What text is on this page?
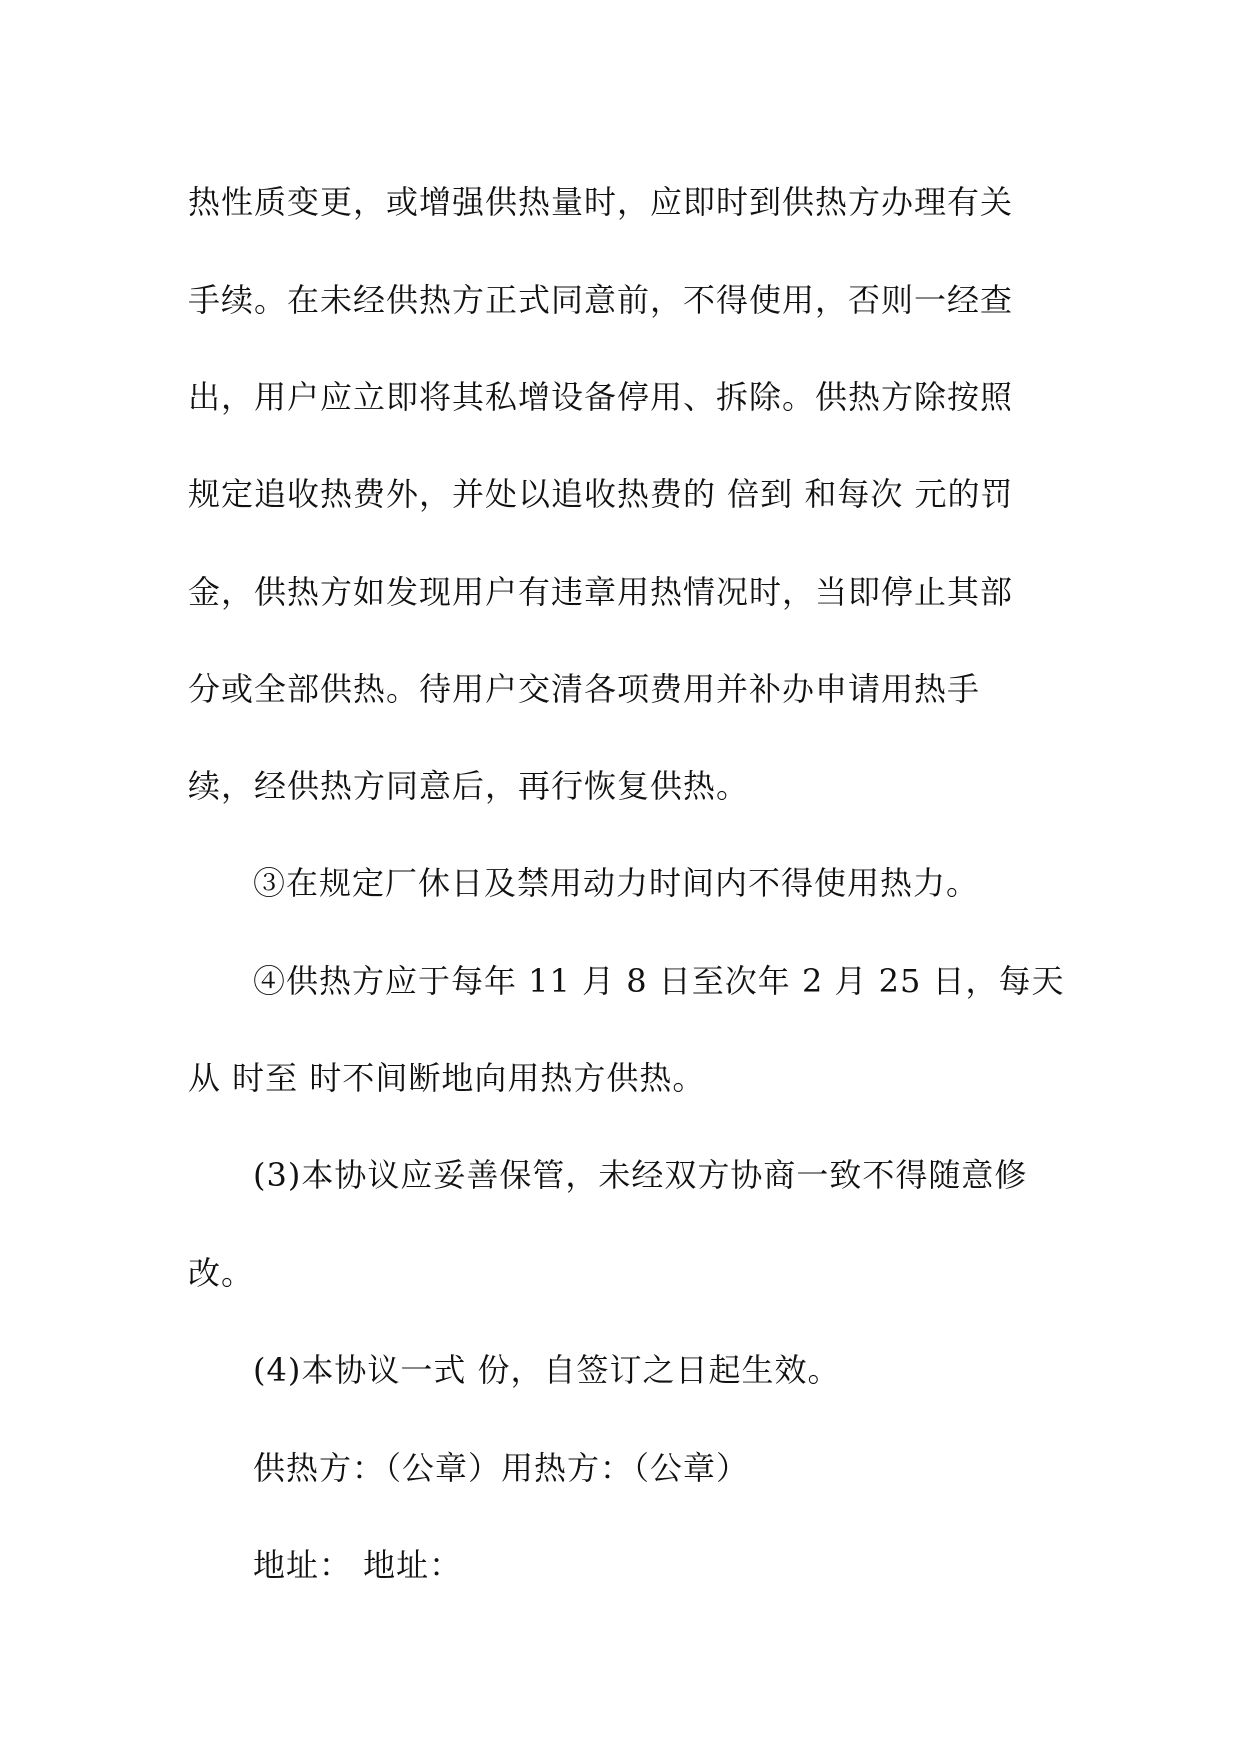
热性质变更，或增强供热量时，应即时到供热方办理有关
手续。在未经供热方正式同意前，不得使用，否则一经查
出，用户应立即将其私增设备停用、拆除。供热方除按照
规定追收热费外，并处以追收热费的 倍到 和每次 元的罚
金，供热方如发现用户有违章用热情况时，当即停止其部
分或全部供热。待用户交清各项费用并补办申请用热手
续，经供热方同意后，再行恢复供热。
③在规定厂休日及禁用动力时间内不得使用热力。
④供热方应于每年 11 月 8 日至次年 2 月 25 日，每天
从 时至 时不间断地向用热方供热。
(3)本协议应妥善保管，未经双方协商一致不得随意修
改。
(4)本协议一式 份，自签订之日起生效。
供热方：（公章）用热方：（公章）
地址： 地址：
